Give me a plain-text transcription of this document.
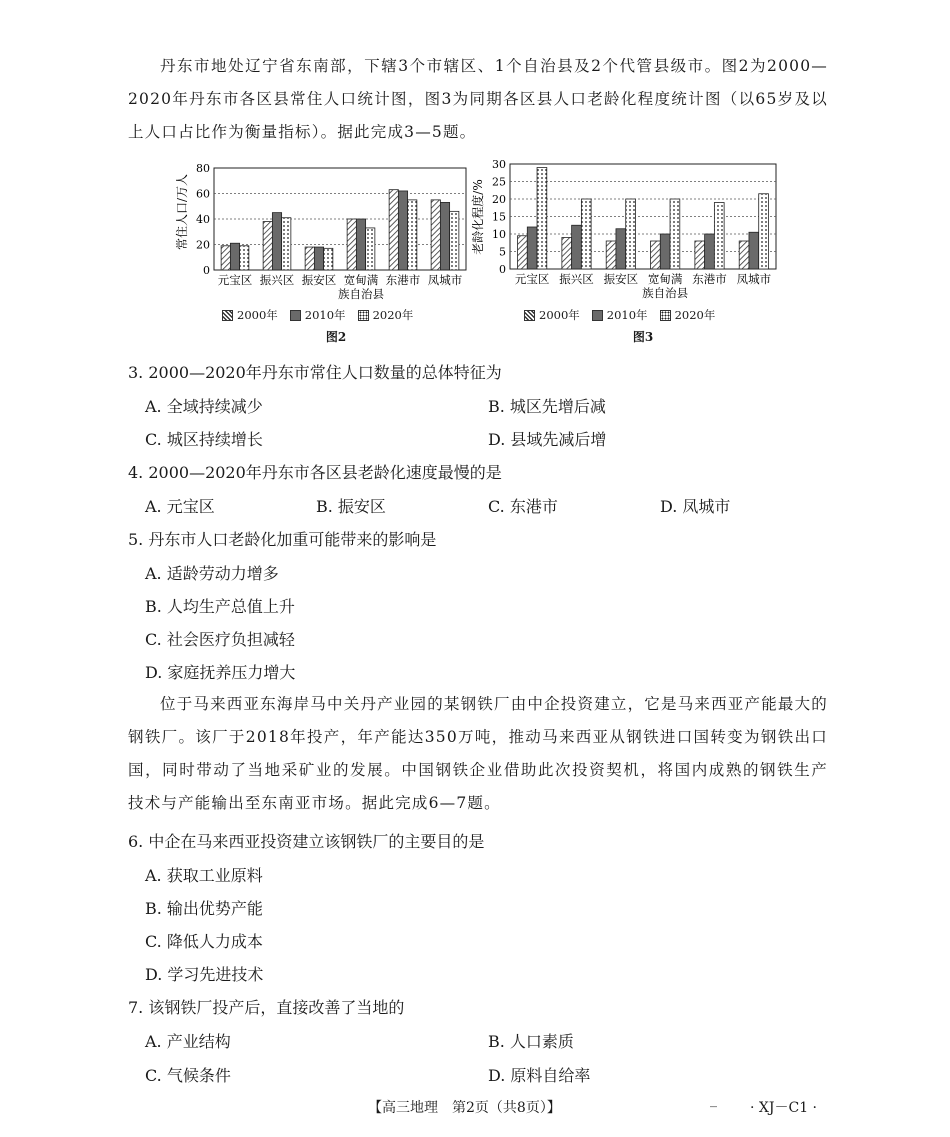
丹东市地处辽宁省东南部，下辖3个市辖区、1个自治县及2个代管县级市。图2为2000—2020年丹东市各区县常住人口统计图，图3为同期各区县人口老龄化程度统计图（以65岁及以上人口占比作为衡量指标）。据此完成3—5题。
0
20
40
60
80
元宝区 振兴区 振安区 宽甸满
族自治县
东港市 凤城市
常住人口/万人
0
5
10
15
20
25
30
元宝区 振兴区 振安区 宽甸满
族自治县
东港市 凤城市
老龄化程度/%
2000年 2010年 2020年	2000年 2010年 2020年
图2	图3
3. 2000—2020年丹东市常住人口数量的总体特征为
A. 全域持续减少	B. 城区先增后减
C. 城区持续增长	D. 县域先减后增
4. 2000—2020年丹东市各区县老龄化速度最慢的是
A. 元宝区	B. 振安区	C. 东港市	D. 凤城市
5. 丹东市人口老龄化加重可能带来的影响是
A. 适龄劳动力增多
B. 人均生产总值上升
C. 社会医疗负担减轻
D. 家庭抚养压力增大
位于马来西亚东海岸马中关丹产业园的某钢铁厂由中企投资建立，它是马来西亚产能最大的钢铁厂。该厂于2018年投产，年产能达350万吨，推动马来西亚从钢铁进口国转变为钢铁出口国，同时带动了当地采矿业的发展。中国钢铁企业借助此次投资契机，将国内成熟的钢铁生产技术与产能输出至东南亚市场。据此完成6—7题。
6. 中企在马来西亚投资建立该钢铁厂的主要目的是
A. 获取工业原料
B. 输出优势产能
C. 降低人力成本
D. 学习先进技术
7. 该钢铁厂投产后，直接改善了当地的
A. 产业结构	B. 人口素质
C. 气候条件	D. 原料自给率
【高三地理　第2页（共8页）】	_ · XJ－C1 ·
